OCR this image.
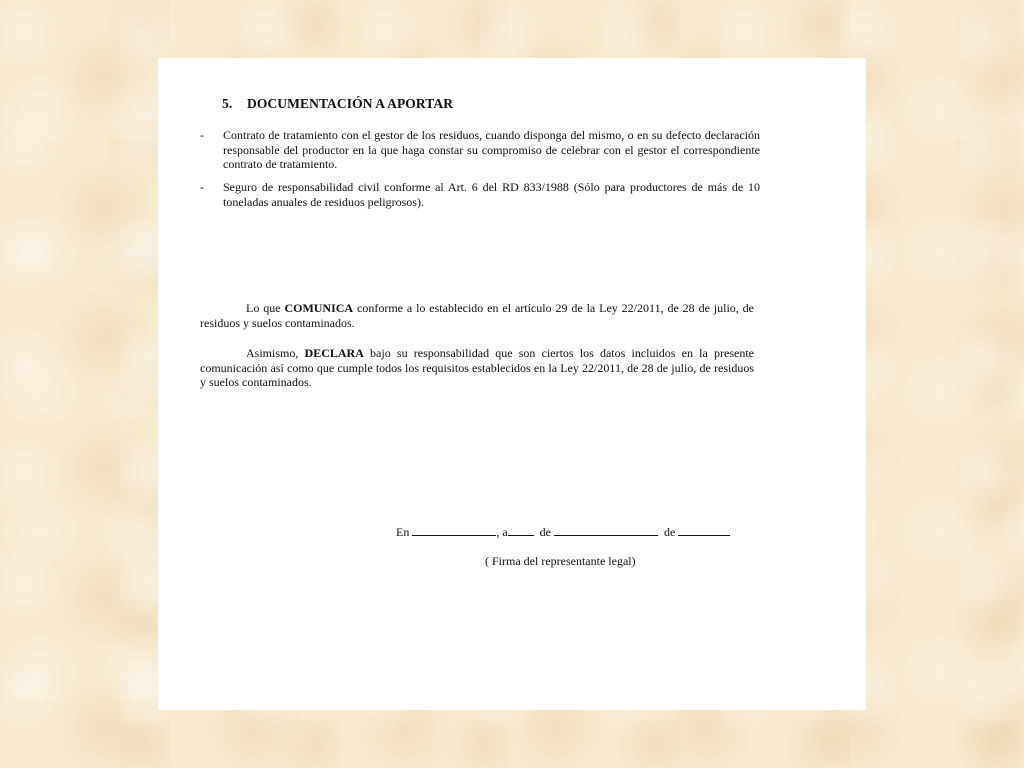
5. DOCUMENTACIÓN A APORTAR

-	Contrato de tratamiento con el gestor de los residuos, cuando disponga del mismo, o en su defecto declaración responsable del productor en la que haga constar su compromiso de celebrar con el gestor el correspondiente contrato de tratamiento.
-	Seguro de responsabilidad civil conforme al Art. 6 del RD 833/1988 (Sólo para productores de más de 10 toneladas anuales de residuos peligrosos).

Lo que COMUNICA conforme a lo establecido en el artículo 29 de la Ley 22/2011, de 28 de julio, de residuos y suelos contaminados.

Asimismo, DECLARA bajo su responsabilidad que son ciertos los datos incluidos en la presente comunicación así como que cumple todos los requisitos establecidos en la Ley 22/2011, de 28 de julio, de residuos y suelos contaminados.

En	, a	de	de

( Firma del representante legal)
